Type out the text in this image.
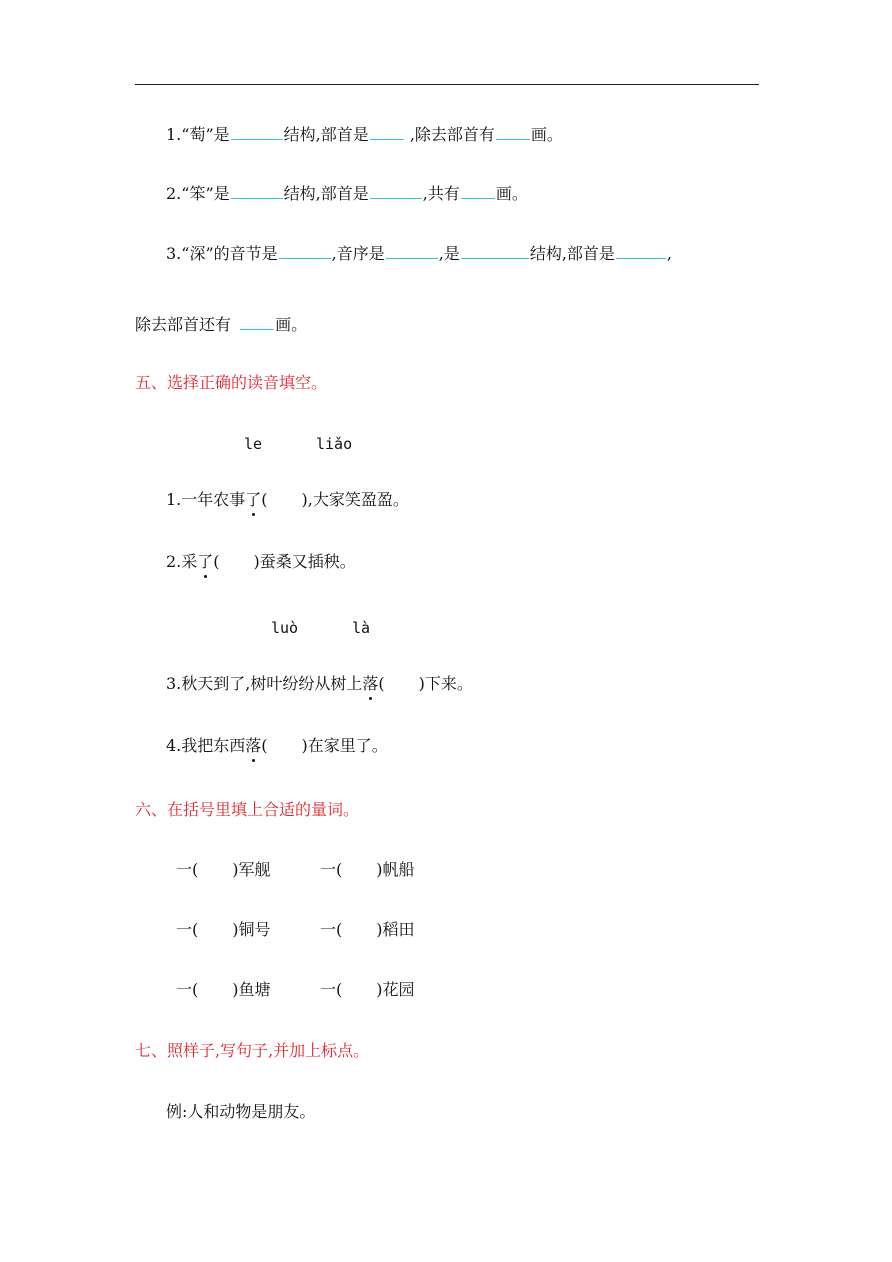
1.“萄”是	结构,部首是 ,除去部首有 画。
2.“笨”是	结构,部首是	,共有 画。
3.“深”的音节是	,音序是	,是	结构,部首是	,
除去部首还有 画。
五、选择正确的读音填空。
le	liǎo
1.一年农事了( ),大家笑盈盈。
2.采了( )蚕桑又插秧。
luò	là
3.秋天到了,树叶纷纷从树上落( )下来。
4.我把东西落( )在家里了。
六、在括号里填上合适的量词。
一( )军舰	一( )帆船
一( )铜号	一( )稻田
一( )鱼塘	一( )花园
七、照样子,写句子,并加上标点。
例:人和动物是朋友。
